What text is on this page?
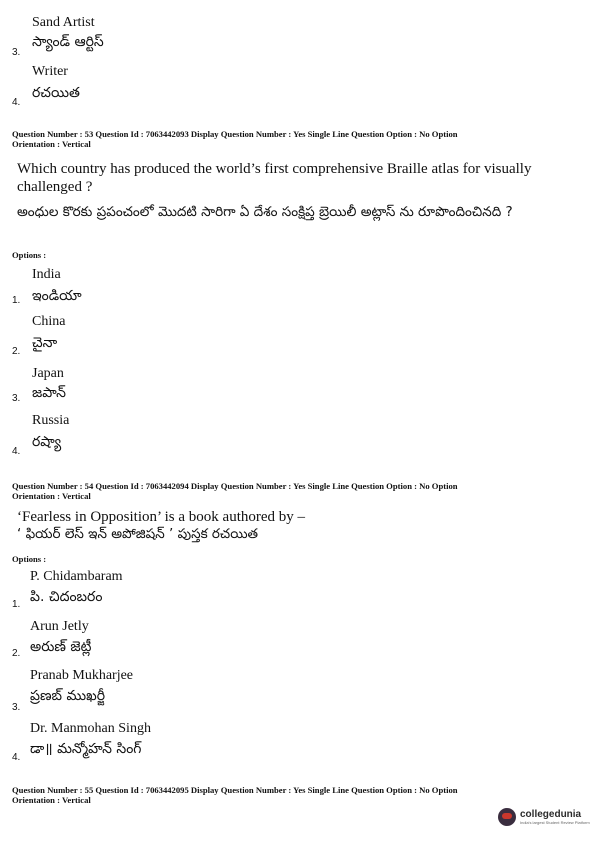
Sand Artist
స్యాండ్ ఆర్టిస్
3.
Writer
రచయిత
4.
Question Number : 53 Question Id : 7063442093 Display Question Number : Yes Single Line Question Option : No Option
Orientation : Vertical
Which country has produced the world’s first comprehensive Braille atlas for visually challenged ?
అంధుల కొరకు ప్రపంచంలో మొదటి సారిగా ఏ దేశం సంక్షిప్త బ్రెయిలీ అట్లాస్ ను రూపొందించినది ?
Options :
India
ఇండియా
1.
China
చైనా
2.
Japan
జపాన్
3.
Russia
రష్యా
4.
Question Number : 54 Question Id : 7063442094 Display Question Number : Yes Single Line Question Option : No Option
Orientation : Vertical
‘Fearless in Opposition’ is a book authored by –
‘ ఫియర్ లెస్ ఇన్ అపోజిషన్ ’ పుస్తక రచయిత
Options :
P. Chidambaram
పి. చిదంబరం
1.
Arun Jetly
అరుణ్ జెట్లీ
2.
Pranab Mukharjee
ప్రణబ్ ముఖర్జీ
3.
Dr. Manmohan Singh
డా॥ మన్మోహన్ సింగ్
4.
Question Number : 55 Question Id : 7063442095 Display Question Number : Yes Single Line Question Option : No Option
Orientation : Vertical
collegedunia
India's largest Student Review Platform
